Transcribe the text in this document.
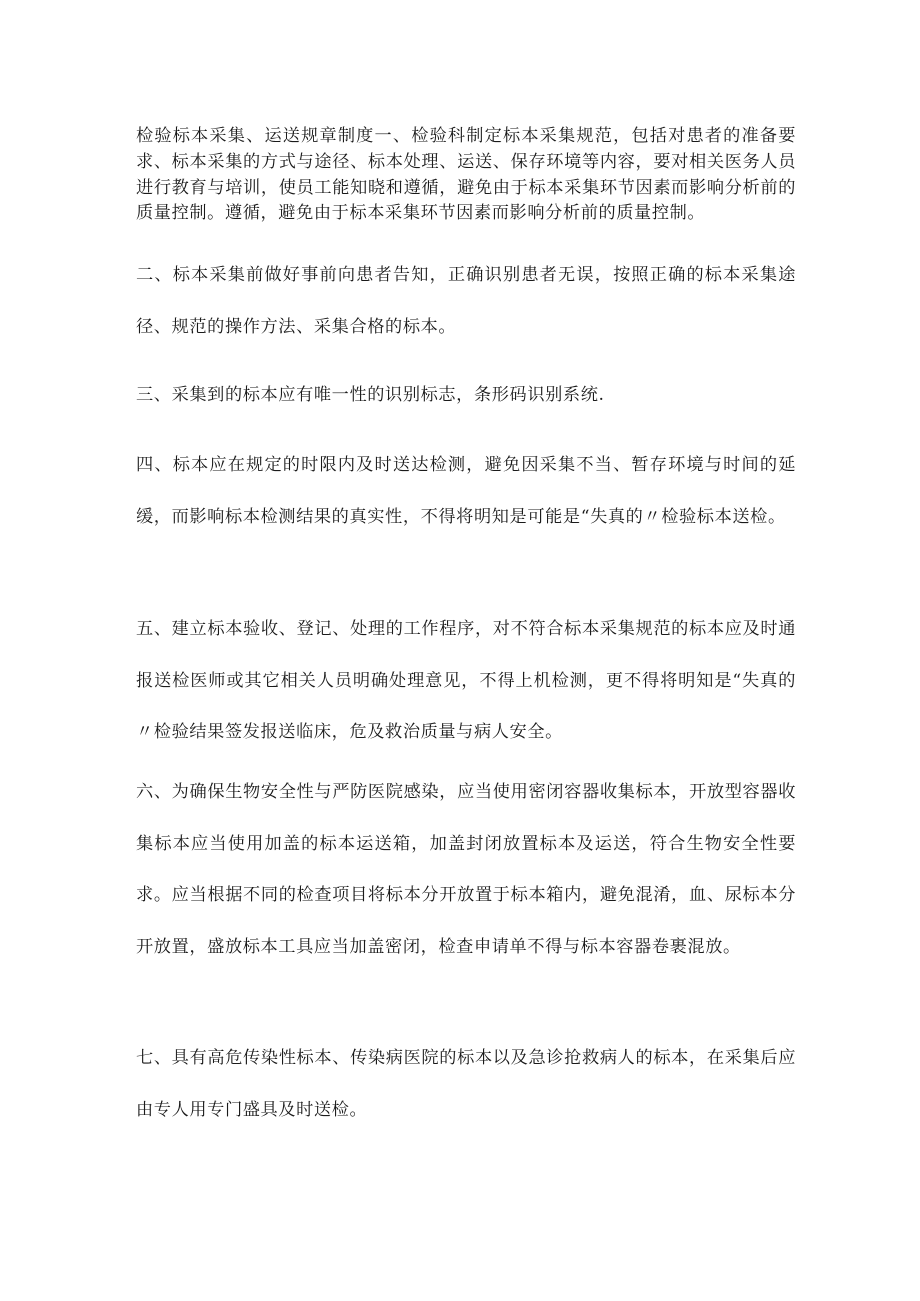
检验标本采集、运送规章制度一、检验科制定标本采集规范，包括对患者的准备要求、标本采集的方式与途径、标本处理、运送、保存环境等内容，要对相关医务人员进行教育与培训，使员工能知晓和遵循，避免由于标本采集环节因素而影响分析前的质量控制。遵循，避免由于标本采集环节因素而影响分析前的质量控制。

二、标本采集前做好事前向患者告知，正确识别患者无误，按照正确的标本采集途径、规范的操作方法、采集合格的标本。

三、采集到的标本应有唯一性的识别标志，条形码识别系统.

四、标本应在规定的时限内及时送达检测，避免因采集不当、暂存环境与时间的延缓，而影响标本检测结果的真实性，不得将明知是可能是“失真的〃检验标本送检。

五、建立标本验收、登记、处理的工作程序，对不符合标本采集规范的标本应及时通报送检医师或其它相关人员明确处理意见，不得上机检测，更不得将明知是“失真的〃检验结果签发报送临床，危及救治质量与病人安全。

六、为确保生物安全性与严防医院感染，应当使用密闭容器收集标本，开放型容器收集标本应当使用加盖的标本运送箱，加盖封闭放置标本及运送，符合生物安全性要求。应当根据不同的检查项目将标本分开放置于标本箱内，避免混淆，血、尿标本分开放置，盛放标本工具应当加盖密闭，检查申请单不得与标本容器卷裹混放。

七、具有高危传染性标本、传染病医院的标本以及急诊抢救病人的标本，在采集后应由专人用专门盛具及时送检。
